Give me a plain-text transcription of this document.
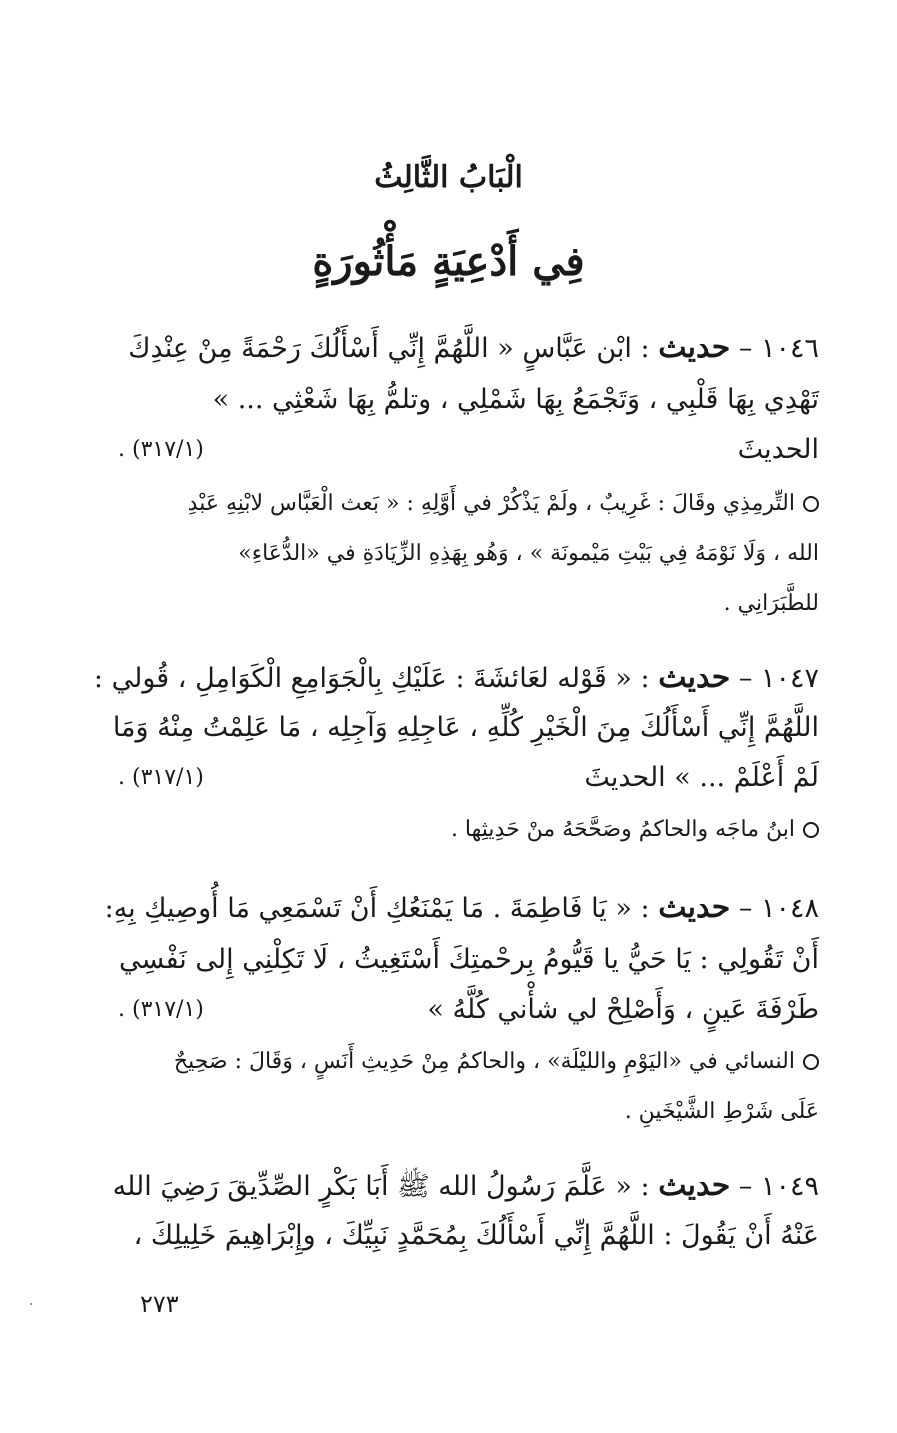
الْبَابُ الثَّالِثُ
فِي أَدْعِيَةٍ مَأْثُورَةٍ
١٠٤٦ – حديث : ابْن عَبَّاسٍ « اللَّهُمَّ إِنِّي أَسْأَلُكَ رَحْمَةً مِنْ عِنْدِكَ
تَهْدِي بِهَا قَلْبِي ، وَتَجْمَعُ بِهَا شَمْلِي ، وتلمُّ بِهَا شَعْثِي ... »
الحديثَ
(٣١٧/١) .
التِّرمِذِي وقَالَ : غَرِيبٌ ، ولَمْ يَذْكُرْ في أَوَّلِهِ : « بَعث الْعَبَّاس لابْنِهِ عَبْدِ
الله ، وَلَا نَوْمَهُ فِي بَيْتِ مَيْمونَة » ، وَهُو بِهَذِهِ الزِّيَادَةِ في «الدُّعَاءِ»
للطَّبَرَانِي .
١٠٤٧ – حديث : « قَوْله لعَائشَةَ : عَلَيْكِ بِالْجَوَامِعِ الْكَوَامِلِ ، قُولي :
اللَّهُمَّ إِنِّي أَسْأَلُكَ مِنَ الْخَيْرِ كُلِّهِ ، عَاجِلِهِ وَآجِلِه ، مَا عَلِمْتُ مِنْهُ وَمَا
لَمْ أَعْلَمْ ... » الحديثَ
(٣١٧/١) .
ابنُ ماجَه والحاكمُ وصَحَّحَهُ منْ حَدِيثِها .
١٠٤٨ – حديث : « يَا فَاطِمَةَ . مَا يَمْنَعُكِ أَنْ تَسْمَعِي مَا أُوصِيكِ بِهِ:
أَنْ تَقُولِي : يَا حَيُّ يا قَيُّومُ بِرحْمتِكَ أَسْتَغِيثُ ، لَا تَكِلْنِي إِلى نَفْسِي
طَرْفَةَ عَينٍ ، وَأَصْلِحْ لي شأْني كُلَّهُ »
(٣١٧/١) .
النسائي في «اليَوْمِ والليْلَة» ، والحاكمُ مِنْ حَدِيثِ أَنَسٍ ، وَقَالَ : صَحِيحٌ
عَلَى شَرْطِ الشَّيْخَينِ .
١٠٤٩ – حديث : « عَلَّمَ رَسُولُ الله ﷺ أَبَا بَكْرٍ الصِّدِّيقَ رَضِيَ الله
عَنْهُ أَنْ يَقُولَ : اللَّهُمَّ إِنِّي أَسْأَلُكَ بِمُحَمَّدٍ نَبِيِّكَ ، وإِبْرَاهِيمَ خَلِيلِكَ ،
٢٧٣
